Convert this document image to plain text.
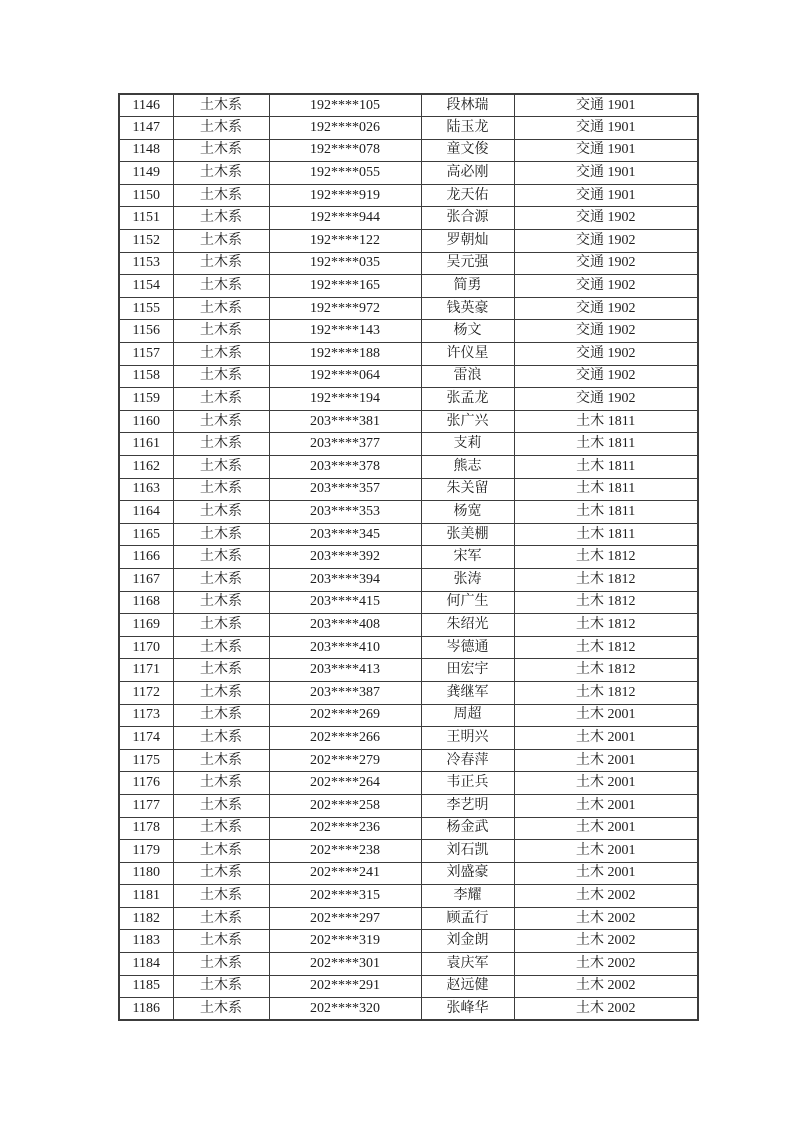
1146	土木系	192****105	段林瑞	交通 1901
1147	土木系	192****026	陆玉龙	交通 1901
1148	土木系	192****078	童文俊	交通 1901
1149	土木系	192****055	高必刚	交通 1901
1150	土木系	192****919	龙天佑	交通 1901
1151	土木系	192****944	张合源	交通 1902
1152	土木系	192****122	罗朝灿	交通 1902
1153	土木系	192****035	吴元强	交通 1902
1154	土木系	192****165	简勇	交通 1902
1155	土木系	192****972	钱英豪	交通 1902
1156	土木系	192****143	杨文	交通 1902
1157	土木系	192****188	许仪星	交通 1902
1158	土木系	192****064	雷浪	交通 1902
1159	土木系	192****194	张孟龙	交通 1902
1160	土木系	203****381	张广兴	土木 1811
1161	土木系	203****377	支莉	土木 1811
1162	土木系	203****378	熊志	土木 1811
1163	土木系	203****357	朱关留	土木 1811
1164	土木系	203****353	杨宽	土木 1811
1165	土木系	203****345	张美棚	土木 1811
1166	土木系	203****392	宋军	土木 1812
1167	土木系	203****394	张涛	土木 1812
1168	土木系	203****415	何广生	土木 1812
1169	土木系	203****408	朱绍光	土木 1812
1170	土木系	203****410	岑德通	土木 1812
1171	土木系	203****413	田宏宇	土木 1812
1172	土木系	203****387	龚继军	土木 1812
1173	土木系	202****269	周超	土木 2001
1174	土木系	202****266	王明兴	土木 2001
1175	土木系	202****279	冷春萍	土木 2001
1176	土木系	202****264	韦正兵	土木 2001
1177	土木系	202****258	李艺明	土木 2001
1178	土木系	202****236	杨金武	土木 2001
1179	土木系	202****238	刘石凯	土木 2001
1180	土木系	202****241	刘盛豪	土木 2001
1181	土木系	202****315	李耀	土木 2002
1182	土木系	202****297	顾孟行	土木 2002
1183	土木系	202****319	刘金朗	土木 2002
1184	土木系	202****301	袁庆军	土木 2002
1185	土木系	202****291	赵远健	土木 2002
1186	土木系	202****320	张峰华	土木 2002
